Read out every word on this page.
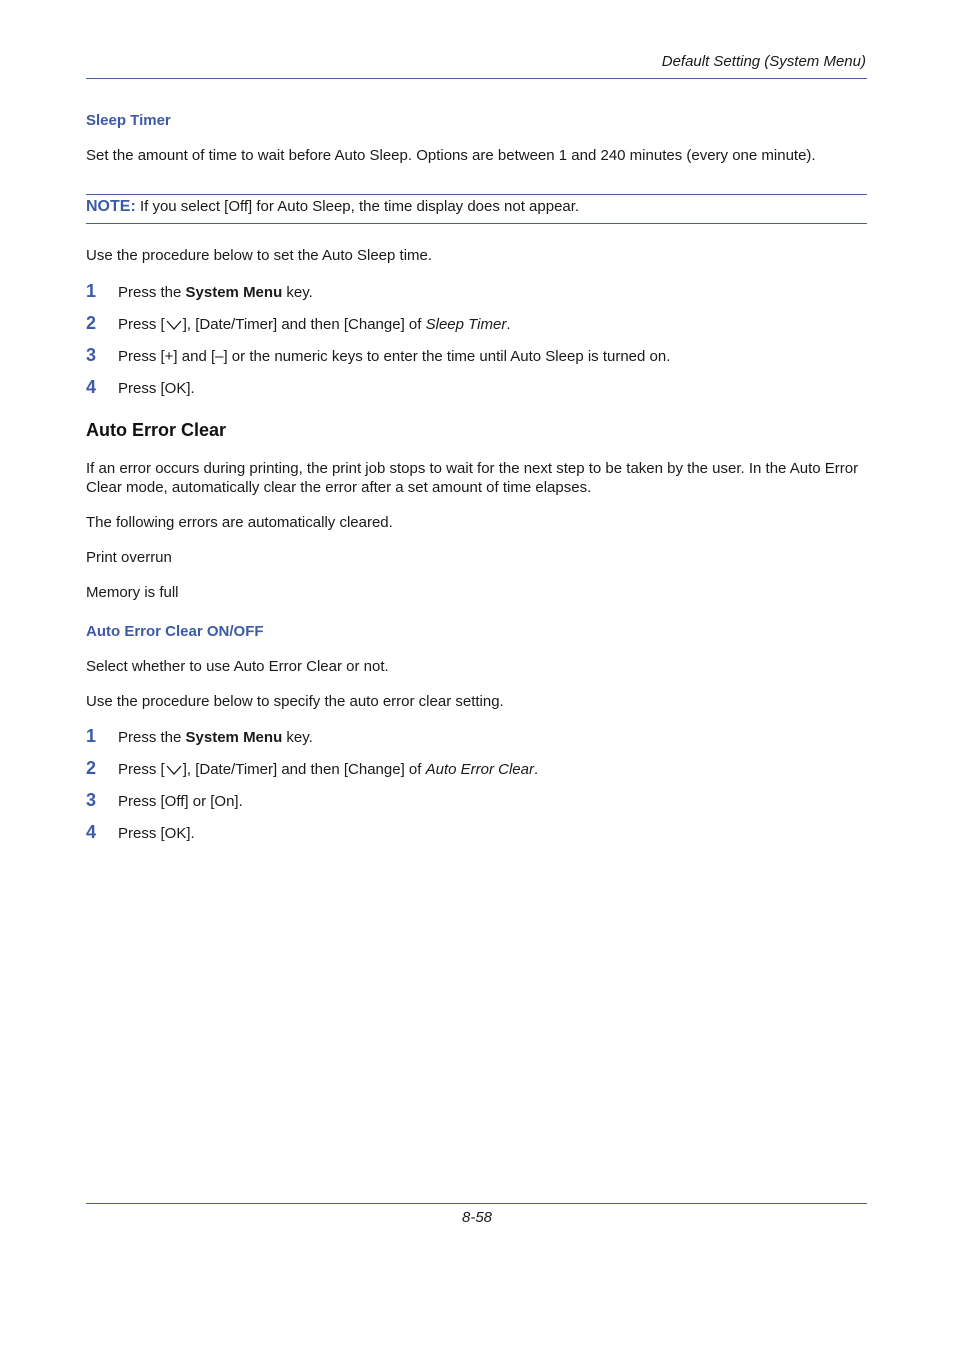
Default Setting (System Menu)
Sleep Timer
Set the amount of time to wait before Auto Sleep. Options are between 1 and 240 minutes (every one minute).
NOTE: If you select [Off] for Auto Sleep, the time display does not appear.
Use the procedure below to set the Auto Sleep time.
1 Press the System Menu key.
2 Press [ ], [Date/Timer] and then [Change] of Sleep Timer.
3 Press [+] and [–] or the numeric keys to enter the time until Auto Sleep is turned on.
4 Press [OK].
Auto Error Clear
If an error occurs during printing, the print job stops to wait for the next step to be taken by the user. In the Auto Error Clear mode, automatically clear the error after a set amount of time elapses.
The following errors are automatically cleared.
Print overrun
Memory is full
Auto Error Clear ON/OFF
Select whether to use Auto Error Clear or not.
Use the procedure below to specify the auto error clear setting.
1 Press the System Menu key.
2 Press [ ], [Date/Timer] and then [Change] of Auto Error Clear.
3 Press [Off] or [On].
4 Press [OK].
8-58
